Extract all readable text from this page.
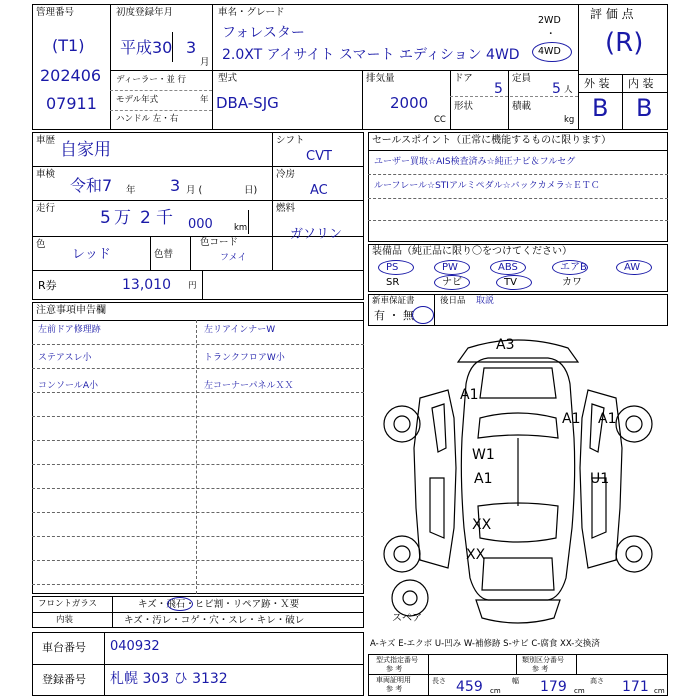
管理番号
(T1)
202406
07911
初度登録年月
平成30 3
月
車名・グレード
フォレスター
2.0XT アイサイト スマート エディション 4WD
2WD
・
4WD
評 価 点
(R)
外 装 内 装
B B
ディーラー・並 行
モデル年式	年
ハンドル 左・右
型式
DBA-SJG
排気量
2000
CC
ドア
5
形状
定員
5 人
積載
kg
車歴 自家用	シフト
CVT
車検
令和7 年 3 月 (	日)
冷房
AC
走行	5 万 2 千 000 km
燃料
ガソリン
色
レッド	色替
色コード
フメイ
R券	13,010 円
セールスポイント（正常に機能するものに限ります）
ユーザー買取☆AIS検査済み☆純正ナビ＆フルセグ
ルーフレール☆STIアルミペダル☆バックカメラ☆ＥＴＣ
装備品（純正品に限り〇をつけてください）
新車保証書
有 ・ 無
後日品 取説
注意事項申告欄
スペア
フロントガラス	キズ・飛石・ヒビ割・リペア跡・Ｘ要
内装	キズ・汚レ・コゲ・穴・スレ・キレ・破レ
車台番号 040932
登録番号 札幌 303 ひ 3132
A-キズ E-エクボ U-凹み W-補修跡 S-サビ C-腐食 XX-交換済
型式指定番号
参 考
類別区分番号
参 考
車両証明用
参 考
長さ 459 cm
幅 179 cm
高さ 171 cm
PS	PW	ABS	エアB	AW
SR	ナビ	TV	カワ
左前ドア修理跡
ステアスレ小
コンソールA小
左リアインナーW
トランクフロアW小
左コーナーパネルＸＸ
A3
A1
A1 A1
W1
A1	U1
XX
XX
